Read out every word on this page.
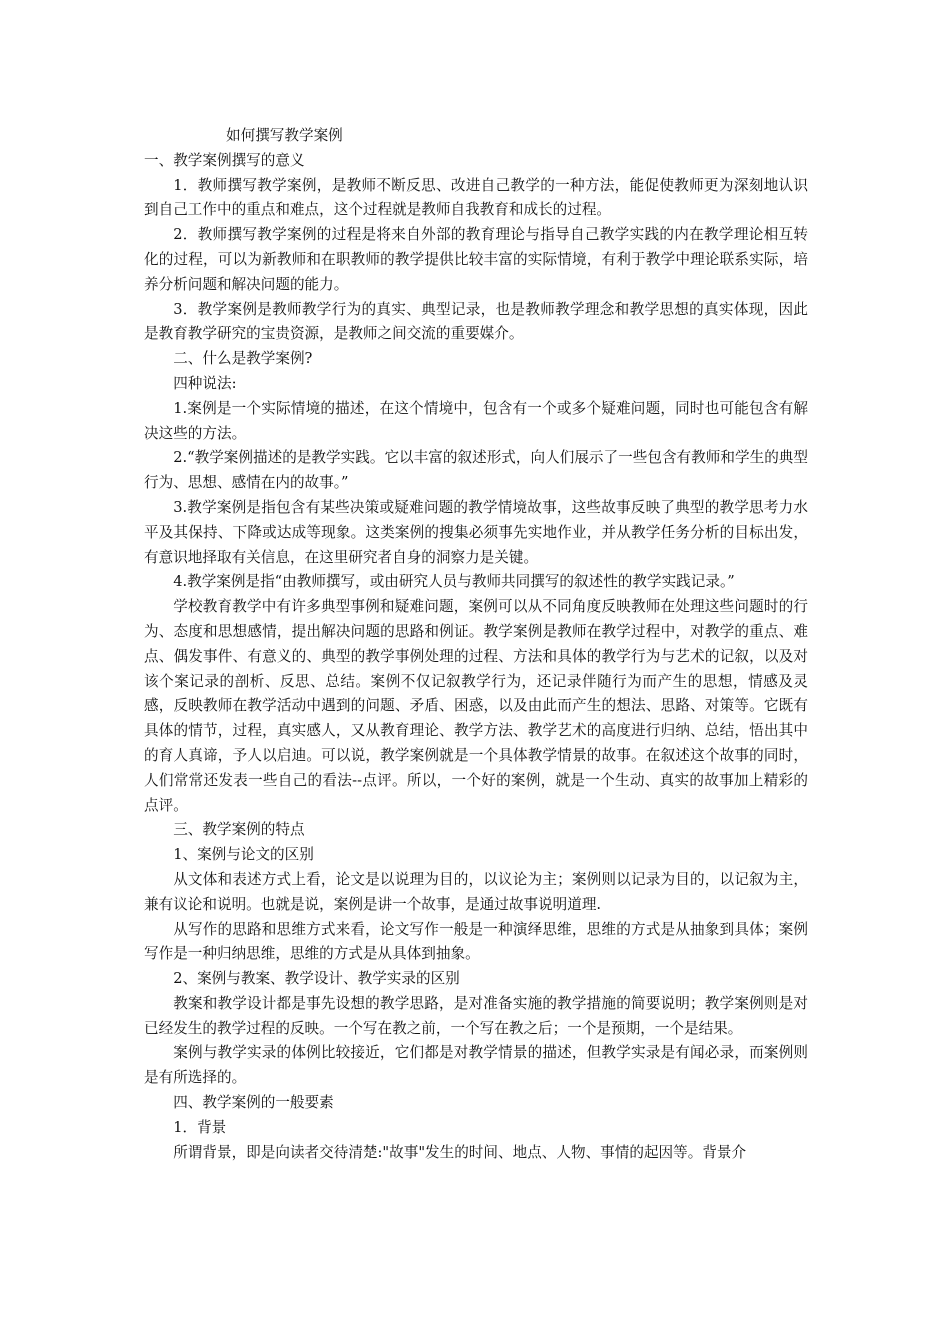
如何撰写教学案例
一、教学案例撰写的意义
1．教师撰写教学案例，是教师不断反思、改进自己教学的一种方法，能促使教师更为深刻地认识到自己工作中的重点和难点，这个过程就是教师自我教育和成长的过程。
2．教师撰写教学案例的过程是将来自外部的教育理论与指导自己教学实践的内在教学理论相互转化的过程，可以为新教师和在职教师的教学提供比较丰富的实际情境，有利于教学中理论联系实际，培养分析问题和解决问题的能力。
3．教学案例是教师教学行为的真实、典型记录，也是教师教学理念和教学思想的真实体现，因此是教育教学研究的宝贵资源，是教师之间交流的重要媒介。
二、什么是教学案例?
四种说法:
1.案例是一个实际情境的描述，在这个情境中，包含有一个或多个疑难问题，同时也可能包含有解决这些的方法。
2.“教学案例描述的是教学实践。它以丰富的叙述形式，向人们展示了一些包含有教师和学生的典型行为、思想、感情在内的故事。”
3.教学案例是指包含有某些决策或疑难问题的教学情境故事，这些故事反映了典型的教学思考力水平及其保持、下降或达成等现象。这类案例的搜集必须事先实地作业，并从教学任务分析的目标出发，有意识地择取有关信息，在这里研究者自身的洞察力是关键。
4.教学案例是指“由教师撰写，或由研究人员与教师共同撰写的叙述性的教学实践记录。”
学校教育教学中有许多典型事例和疑难问题，案例可以从不同角度反映教师在处理这些问题时的行为、态度和思想感情，提出解决问题的思路和例证。教学案例是教师在教学过程中，对教学的重点、难点、偶发事件、有意义的、典型的教学事例处理的过程、方法和具体的教学行为与艺术的记叙，以及对该个案记录的剖析、反思、总结。案例不仅记叙教学行为，还记录伴随行为而产生的思想，情感及灵感，反映教师在教学活动中遇到的问题、矛盾、困惑，以及由此而产生的想法、思路、对策等。它既有具体的情节，过程，真实感人，又从教育理论、教学方法、教学艺术的高度进行归纳、总结，悟出其中的育人真谛，予人以启迪。可以说，教学案例就是一个具体教学情景的故事。在叙述这个故事的同时，人们常常还发表一些自己的看法--点评。所以，一个好的案例，就是一个生动、真实的故事加上精彩的点评。
三、教学案例的特点
1、案例与论文的区别
从文体和表述方式上看，论文是以说理为目的，以议论为主；案例则以记录为目的，以记叙为主，兼有议论和说明。也就是说，案例是讲一个故事，是通过故事说明道理.
从写作的思路和思维方式来看，论文写作一般是一种演绎思维，思维的方式是从抽象到具体；案例写作是一种归纳思维，思维的方式是从具体到抽象。
2、案例与教案、教学设计、教学实录的区别
教案和教学设计都是事先设想的教学思路，是对准备实施的教学措施的简要说明；教学案例则是对已经发生的教学过程的反映。一个写在教之前，一个写在教之后；一个是预期，一个是结果。
案例与教学实录的体例比较接近，它们都是对教学情景的描述，但教学实录是有闻必录，而案例则是有所选择的。
四、教学案例的一般要素
1．背景
所谓背景，即是向读者交待清楚:"故事"发生的时间、地点、人物、事情的起因等。背景介
